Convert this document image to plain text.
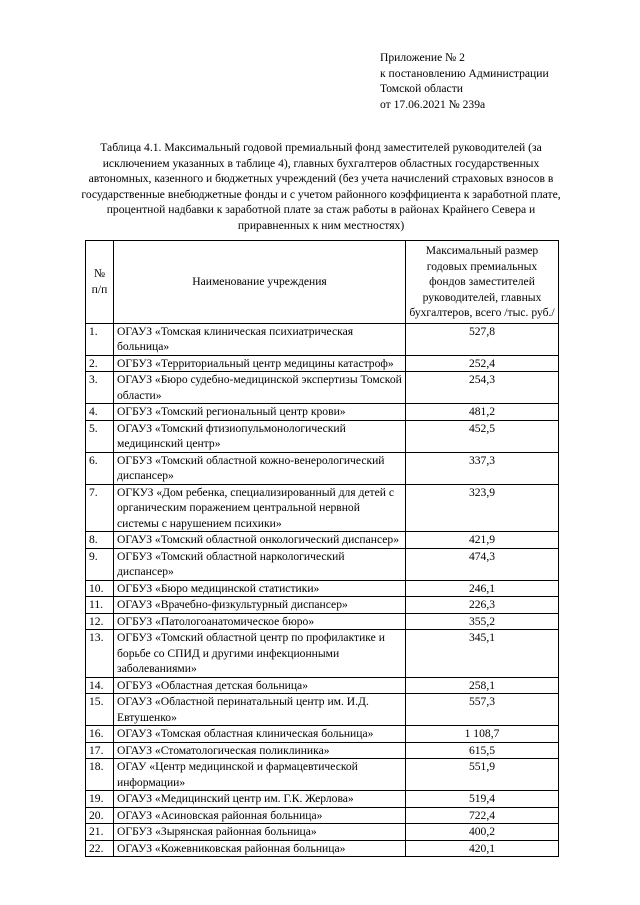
Приложение № 2
к постановлению Администрации
Томской области
от 17.06.2021 № 239а
Таблица 4.1. Максимальный годовой премиальный фонд заместителей руководителей (за исключением указанных в таблице 4), главных бухгалтеров областных государственных автономных, казенного и бюджетных учреждений (без учета начислений страховых взносов в государственные внебюджетные фонды и с учетом районного коэффициента к заработной плате, процентной надбавки к заработной плате за стаж работы в районах Крайнего Севера и приравненных к ним местностях)
№ п/п	Наименование учреждения	Максимальный размер годовых премиальных фондов заместителей руководителей, главных бухгалтеров, всего /тыс. руб./
1.	ОГАУЗ «Томская клиническая психиатрическая больница»	527,8
2.	ОГБУЗ «Территориальный центр медицины катастроф»	252,4
3.	ОГАУЗ «Бюро судебно-медицинской экспертизы Томской области»	254,3
4.	ОГБУЗ «Томский региональный центр крови»	481,2
5.	ОГАУЗ «Томский фтизиопульмонологический медицинский центр»	452,5
6.	ОГБУЗ «Томский областной кожно-венерологический диспансер»	337,3
7.	ОГКУЗ «Дом ребенка, специализированный для детей с органическим поражением центральной нервной системы с нарушением психики»	323,9
8.	ОГАУЗ «Томский областной онкологический диспансер»	421,9
9.	ОГБУЗ «Томский областной наркологический диспансер»	474,3
10.	ОГБУЗ «Бюро медицинской статистики»	246,1
11.	ОГАУЗ «Врачебно-физкультурный диспансер»	226,3
12.	ОГБУЗ «Патологоанатомическое бюро»	355,2
13.	ОГБУЗ «Томский областной центр по профилактике и борьбе со СПИД и другими инфекционными заболеваниями»	345,1
14.	ОГБУЗ «Областная детская больница»	258,1
15.	ОГАУЗ «Областной перинатальный центр им. И.Д. Евтушенко»	557,3
16.	ОГАУЗ «Томская областная клиническая больница»	1 108,7
17.	ОГАУЗ «Стоматологическая поликлиника»	615,5
18.	ОГАУ «Центр медицинской и фармацевтической информации»	551,9
19.	ОГАУЗ «Медицинский центр им. Г.К. Жерлова»	519,4
20.	ОГАУЗ «Асиновская районная больница»	722,4
21.	ОГБУЗ «Зырянская районная больница»	400,2
22.	ОГАУЗ «Кожевниковская районная больница»	420,1
